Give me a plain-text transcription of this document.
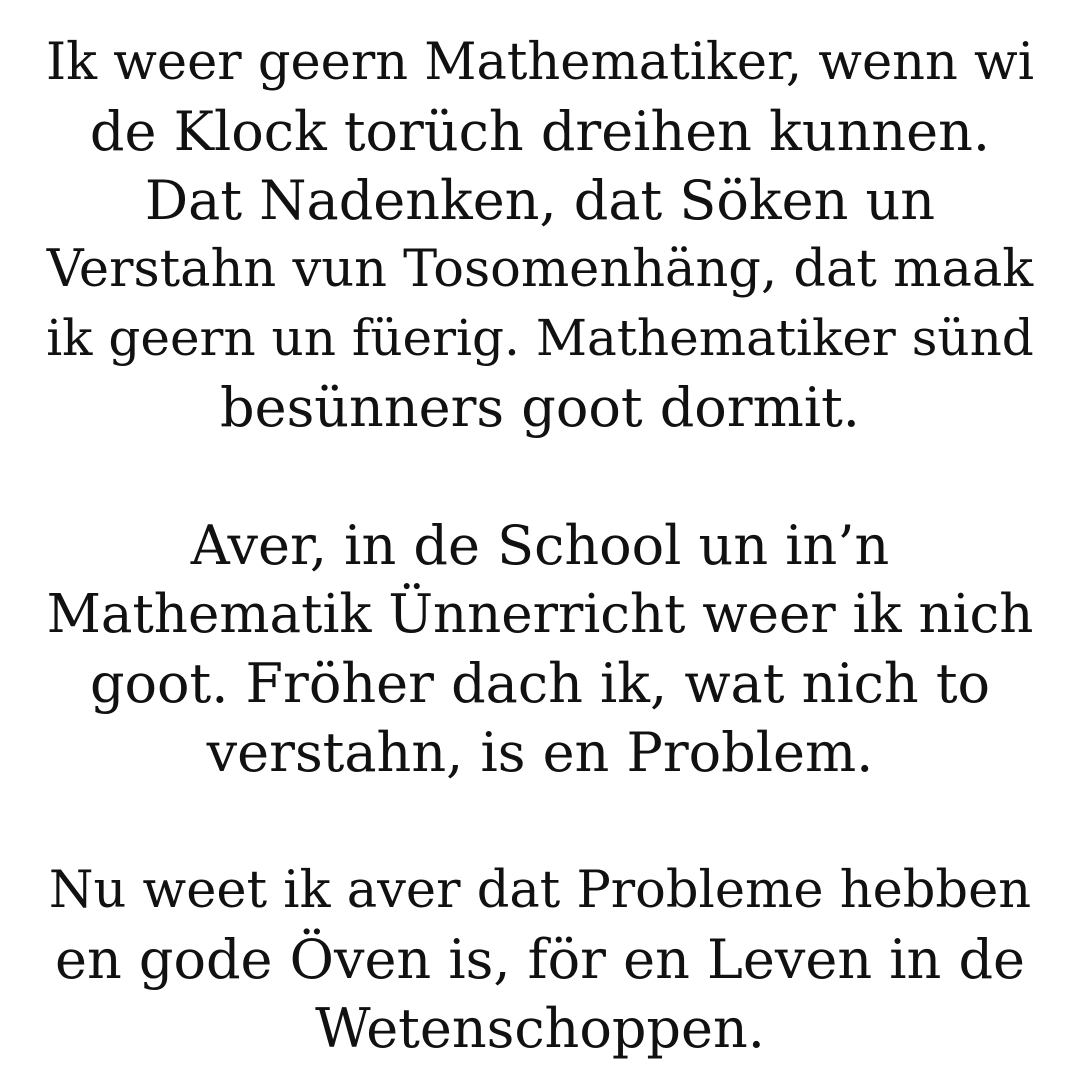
Ik weer geern Mathematiker, wenn wi
de Klock torüch dreihen kunnen.
Dat Nadenken, dat Söken un
Verstahn vun Tosomenhäng, dat maak
ik geern un füerig. Mathematiker sünd
besünners goot dormit.
Aver, in de School un in’n
Mathematik Ünnerricht weer ik nich
goot. Fröher dach ik, wat nich to
verstahn, is en Problem.
Nu weet ik aver dat Probleme hebben
en gode Öven is, för en Leven in de
Wetenschoppen.
